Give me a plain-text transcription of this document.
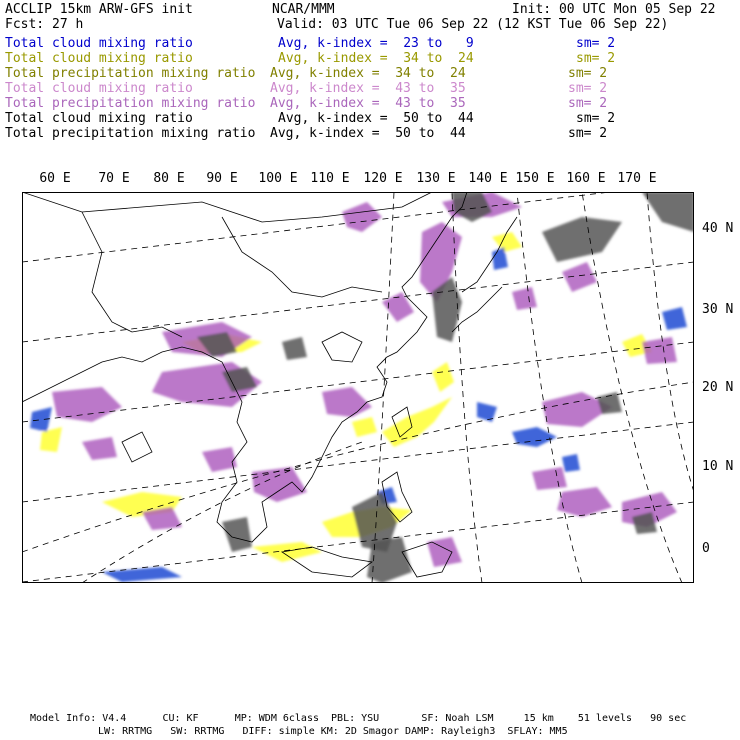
ACCLIP 15km ARW-GFS init	NCAR/MMM	Init: 00 UTC Mon 05 Sep 22
Fcst: 27 h	Valid: 03 UTC Tue 06 Sep 22 (12 KST Tue 06 Sep 22)
Total cloud mixing ratio	Avg, k-index =  23 to   9	sm= 2
Total cloud mixing ratio	Avg, k-index =  34 to  24	sm= 2
Total precipitation mixing ratio Avg, k-index =  34 to  24	sm= 2
Total cloud mixing ratio	Avg, k-index =  43 to  35	sm= 2
Total precipitation mixing ratio Avg, k-index =  43 to  35	sm= 2
Total cloud mixing ratio	Avg, k-index =  50 to  44	sm= 2
Total precipitation mixing ratio Avg, k-index =  50 to  44	sm= 2
60 E 70 E 80 E 90 E 100 E 110 E 120 E 130 E 140 E 150 E 160 E 170 E
40 N
30 N
20 N
10 N
0
Model Info: V4.4      CU: KF      MP: WDM 6class  PBL: YSU       SF: Noah LSM     15 km    51 levels   90 sec
LW: RRTMG   SW: RRTMG   DIFF: simple KM: 2D Smagor DAMP: Rayleigh3  SFLAY: MM5
